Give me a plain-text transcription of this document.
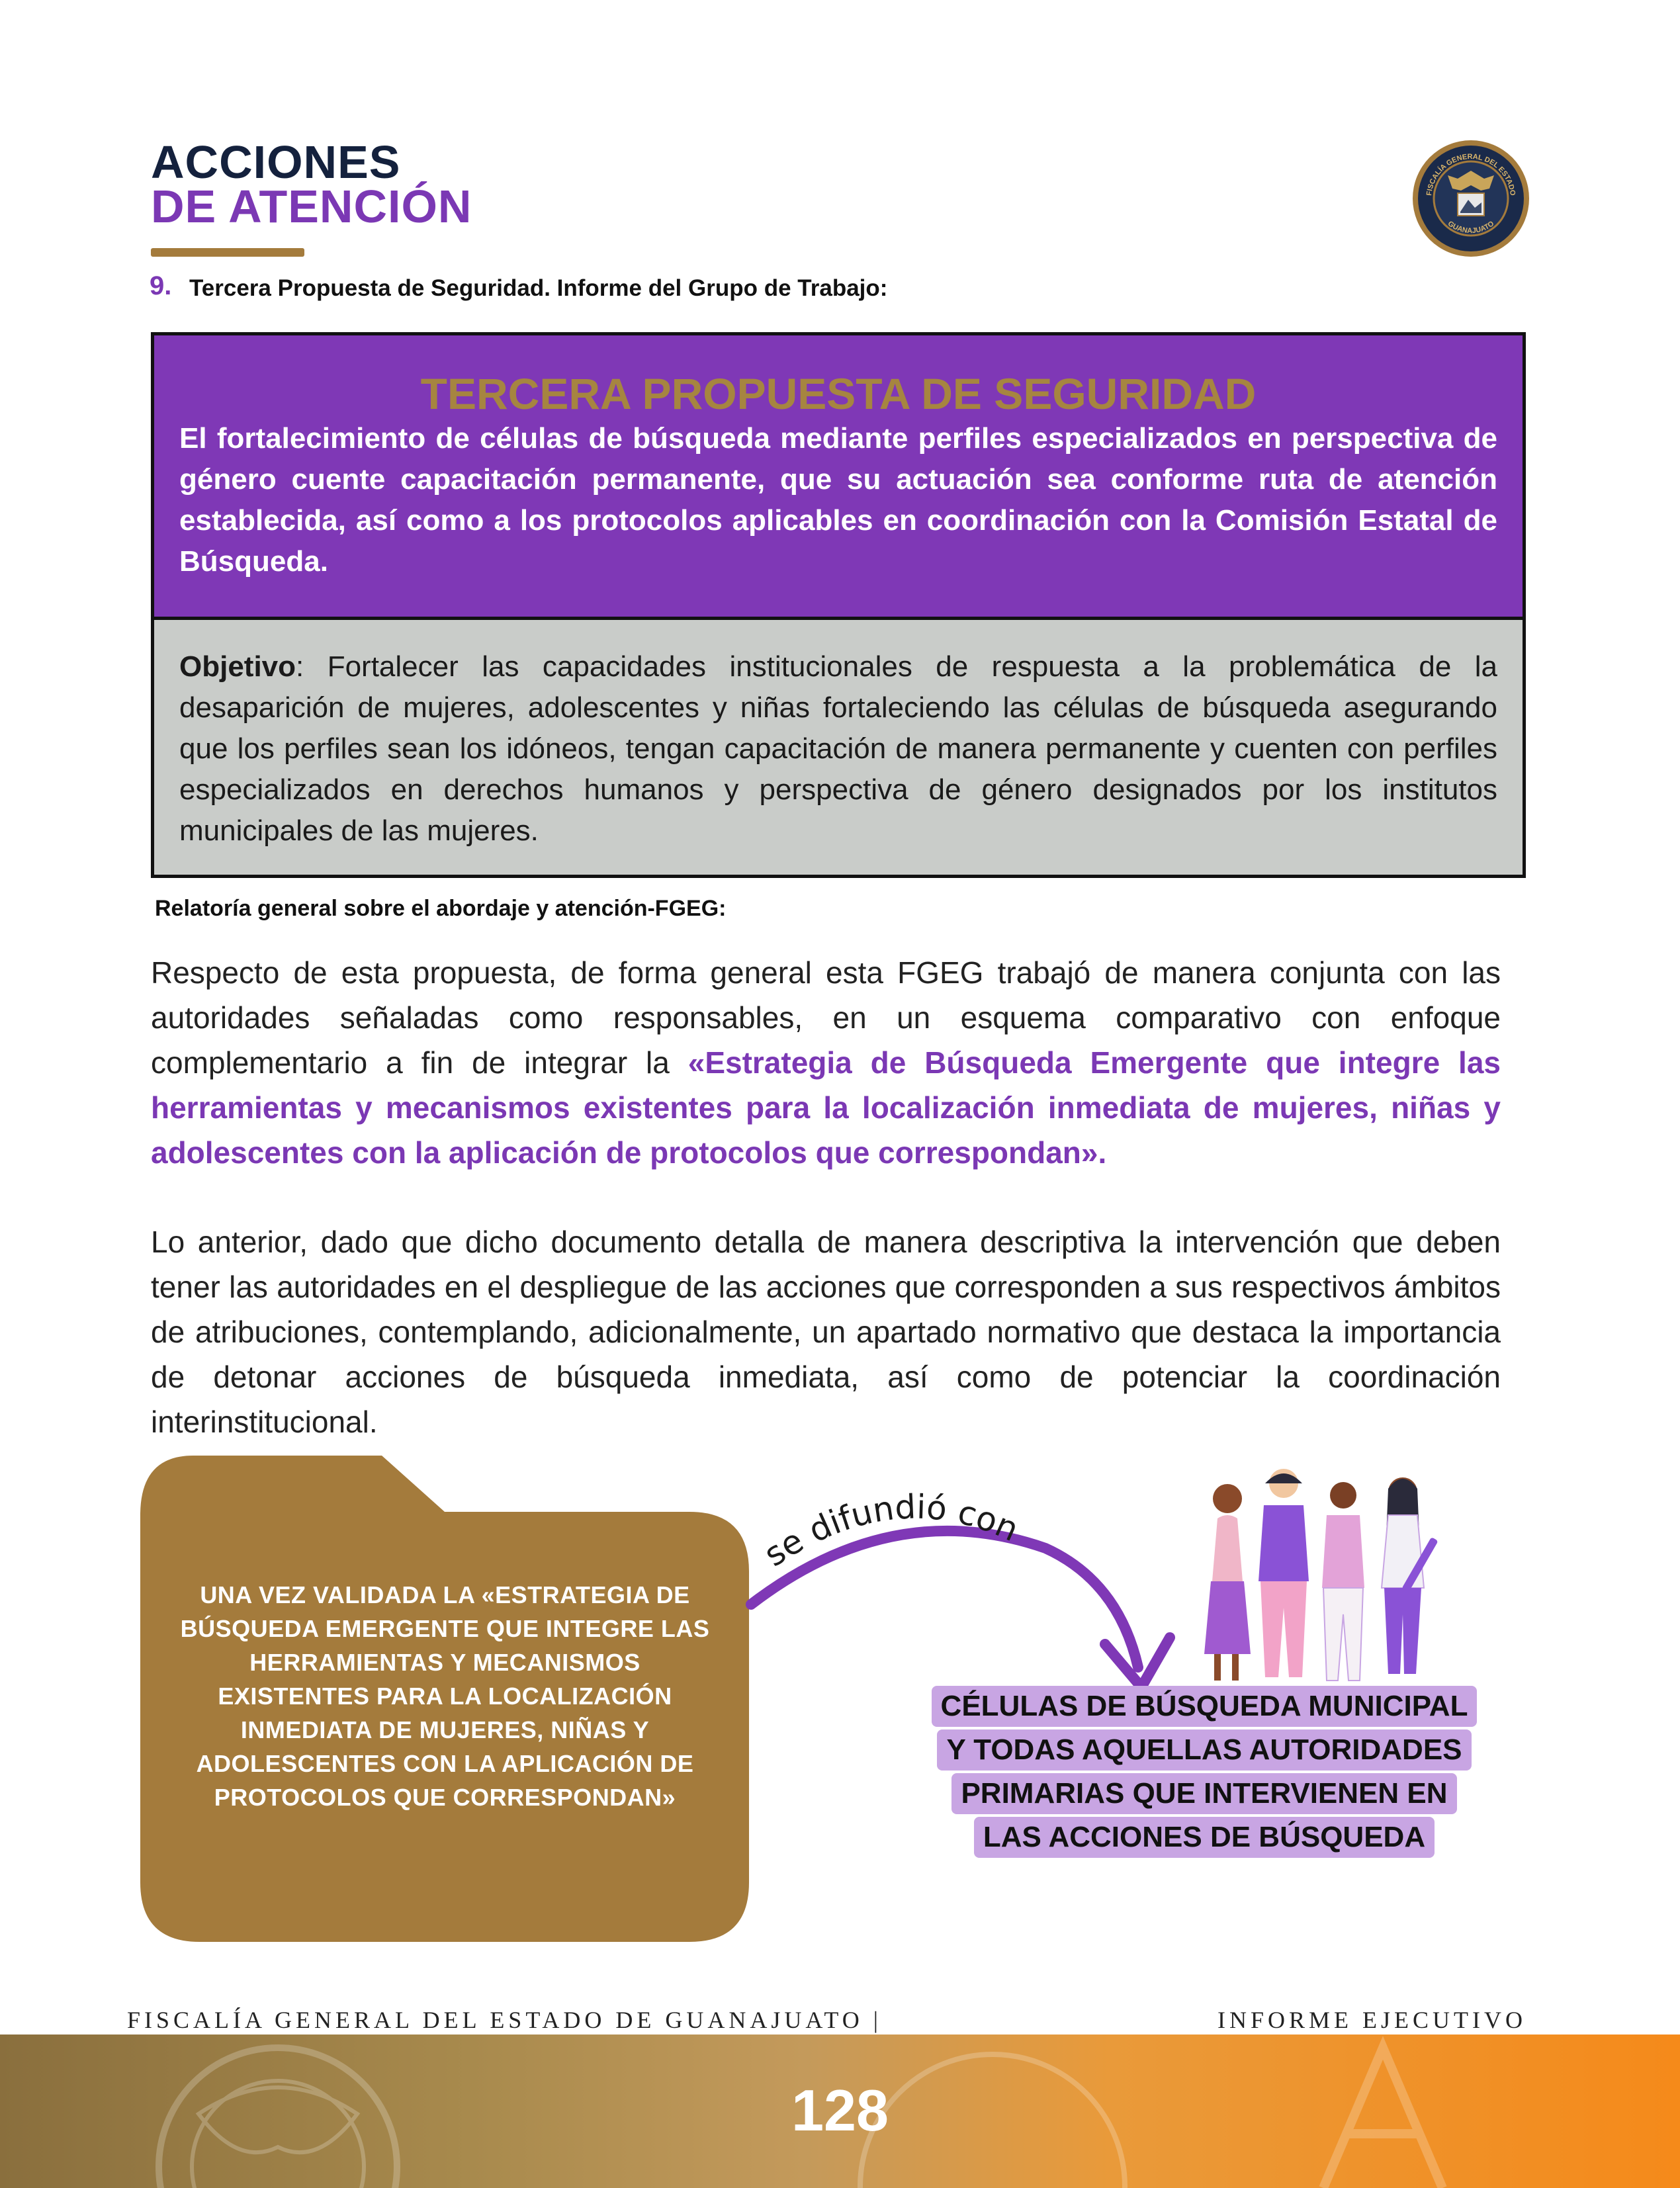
ACCIONES
DE ATENCIÓN	FISCALÍA GENERAL DEL ESTADO
GUANAJUATO
9. Tercera Propuesta de Seguridad. Informe del Grupo de Trabajo:
TERCERA PROPUESTA DE SEGURIDAD
El fortalecimiento de células de búsqueda mediante perfiles especializados en perspectiva de género cuente capacitación permanente, que su actuación sea conforme ruta de atención establecida, así como a los protocolos aplicables en coordinación con la Comisión Estatal de Búsqueda.
Objetivo: Fortalecer las capacidades institucionales de respuesta a la problemática de la desaparición de mujeres, adolescentes y niñas fortaleciendo las células de búsqueda asegurando que los perfiles sean los idóneos, tengan capacitación de manera permanente y cuenten con perfiles especializados en derechos humanos y perspectiva de género designados por los institutos municipales de las mujeres.
Relatoría general sobre el abordaje y atención-FGEG:
Respecto de esta propuesta, de forma general esta FGEG trabajó de manera conjunta con las autoridades señaladas como responsables, en un esquema comparativo con enfoque complementario a fin de integrar la «Estrategia de Búsqueda Emergente que integre las herramientas y mecanismos existentes para la localización inmediata de mujeres, niñas y adolescentes con la aplicación de protocolos que correspondan».
Lo anterior, dado que dicho documento detalla de manera descriptiva la intervención que deben tener las autoridades en el despliegue de las acciones que corresponden a sus respectivos ámbitos de atribuciones, contemplando, adicionalmente, un apartado normativo que destaca la importancia de detonar acciones de búsqueda inmediata, así como de potenciar la coordinación interinstitucional.
UNA VEZ VALIDADA LA «ESTRATEGIA DE BÚSQUEDA EMERGENTE QUE INTEGRE LAS HERRAMIENTAS Y MECANISMOS EXISTENTES PARA LA LOCALIZACIÓN INMEDIATA DE MUJERES, NIÑAS Y ADOLESCENTES CON LA APLICACIÓN DE PROTOCOLOS QUE CORRESPONDAN»
se difundió con
CÉLULAS DE BÚSQUEDA MUNICIPAL
Y TODAS AQUELLAS AUTORIDADES
PRIMARIAS QUE INTERVIENEN EN
LAS ACCIONES DE BÚSQUEDA
FISCALÍA GENERAL DEL ESTADO DE GUANAJUATO |	INFORME EJECUTIVO
128
